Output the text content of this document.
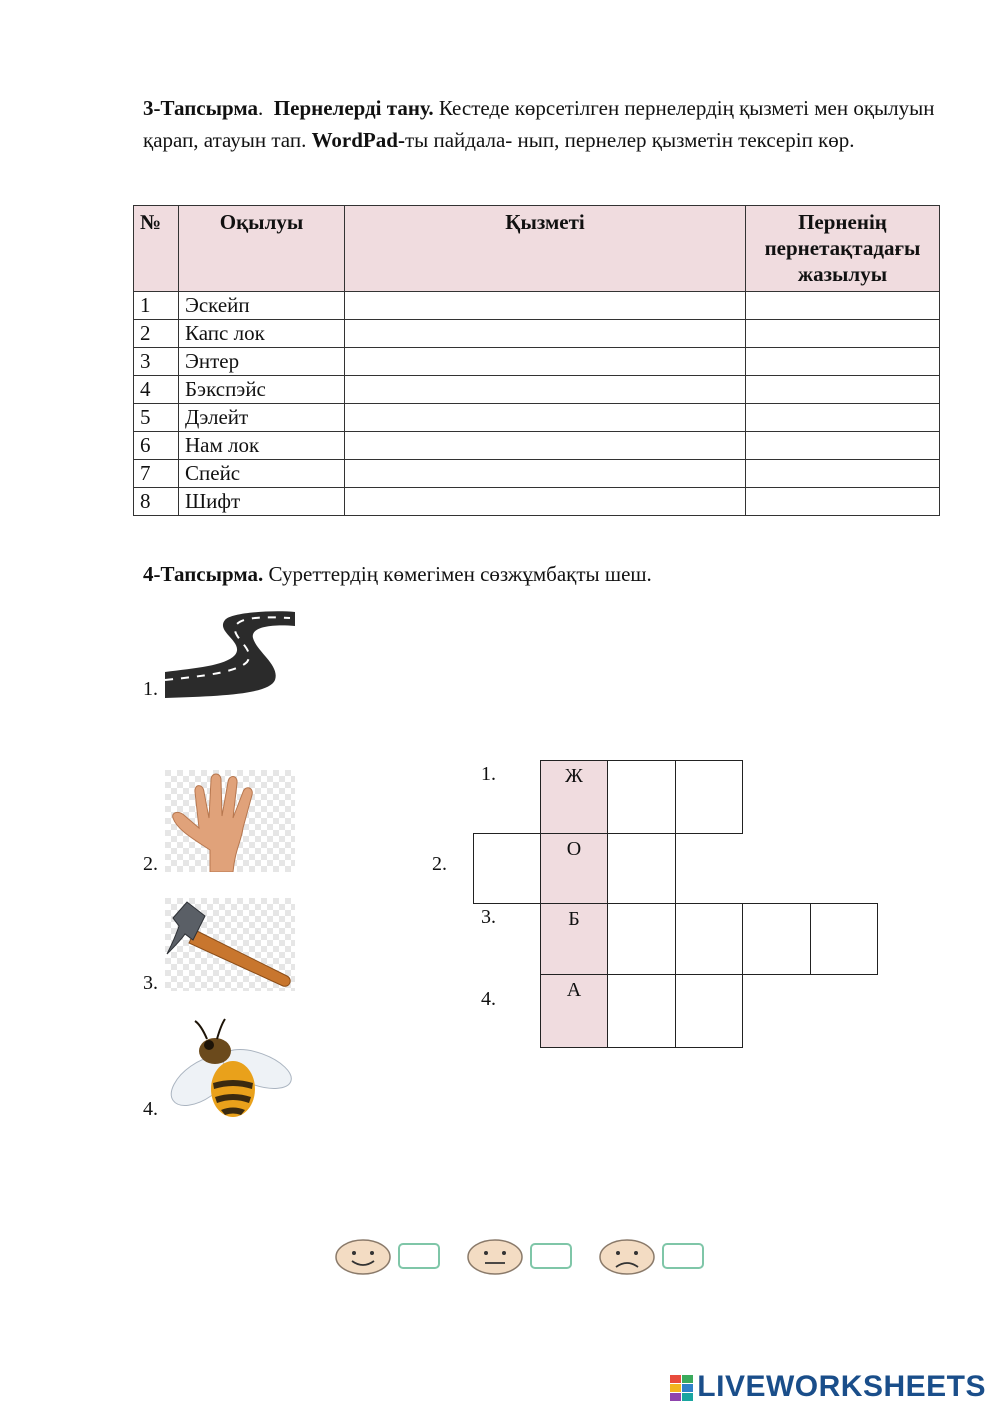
3-Тапсырма. Пернелерді тану. Кестеде көрсетілген пернелердің қызметі мен оқылуын қарап, атауын тап. WordPad-ты пайдала- нып, пернелер қызметін тексеріп көр.
№	Оқылуы	Қызметі	Перненің пернетақтадағы жазылуы
1	Эскейп		
2	Капс лок		
3	Энтер		
4	Бэкспэйс		
5	Дэлейт		
6	Нам лок		
7	Спейс		
8	Шифт		
4-Тапсырма. Суреттердің көмегімен сөзжұмбақты шеш.
1.
2.
3.
4.
1.
2.
3.
4.
Ж
О
Б
А
LIVEWORKSHEETS
